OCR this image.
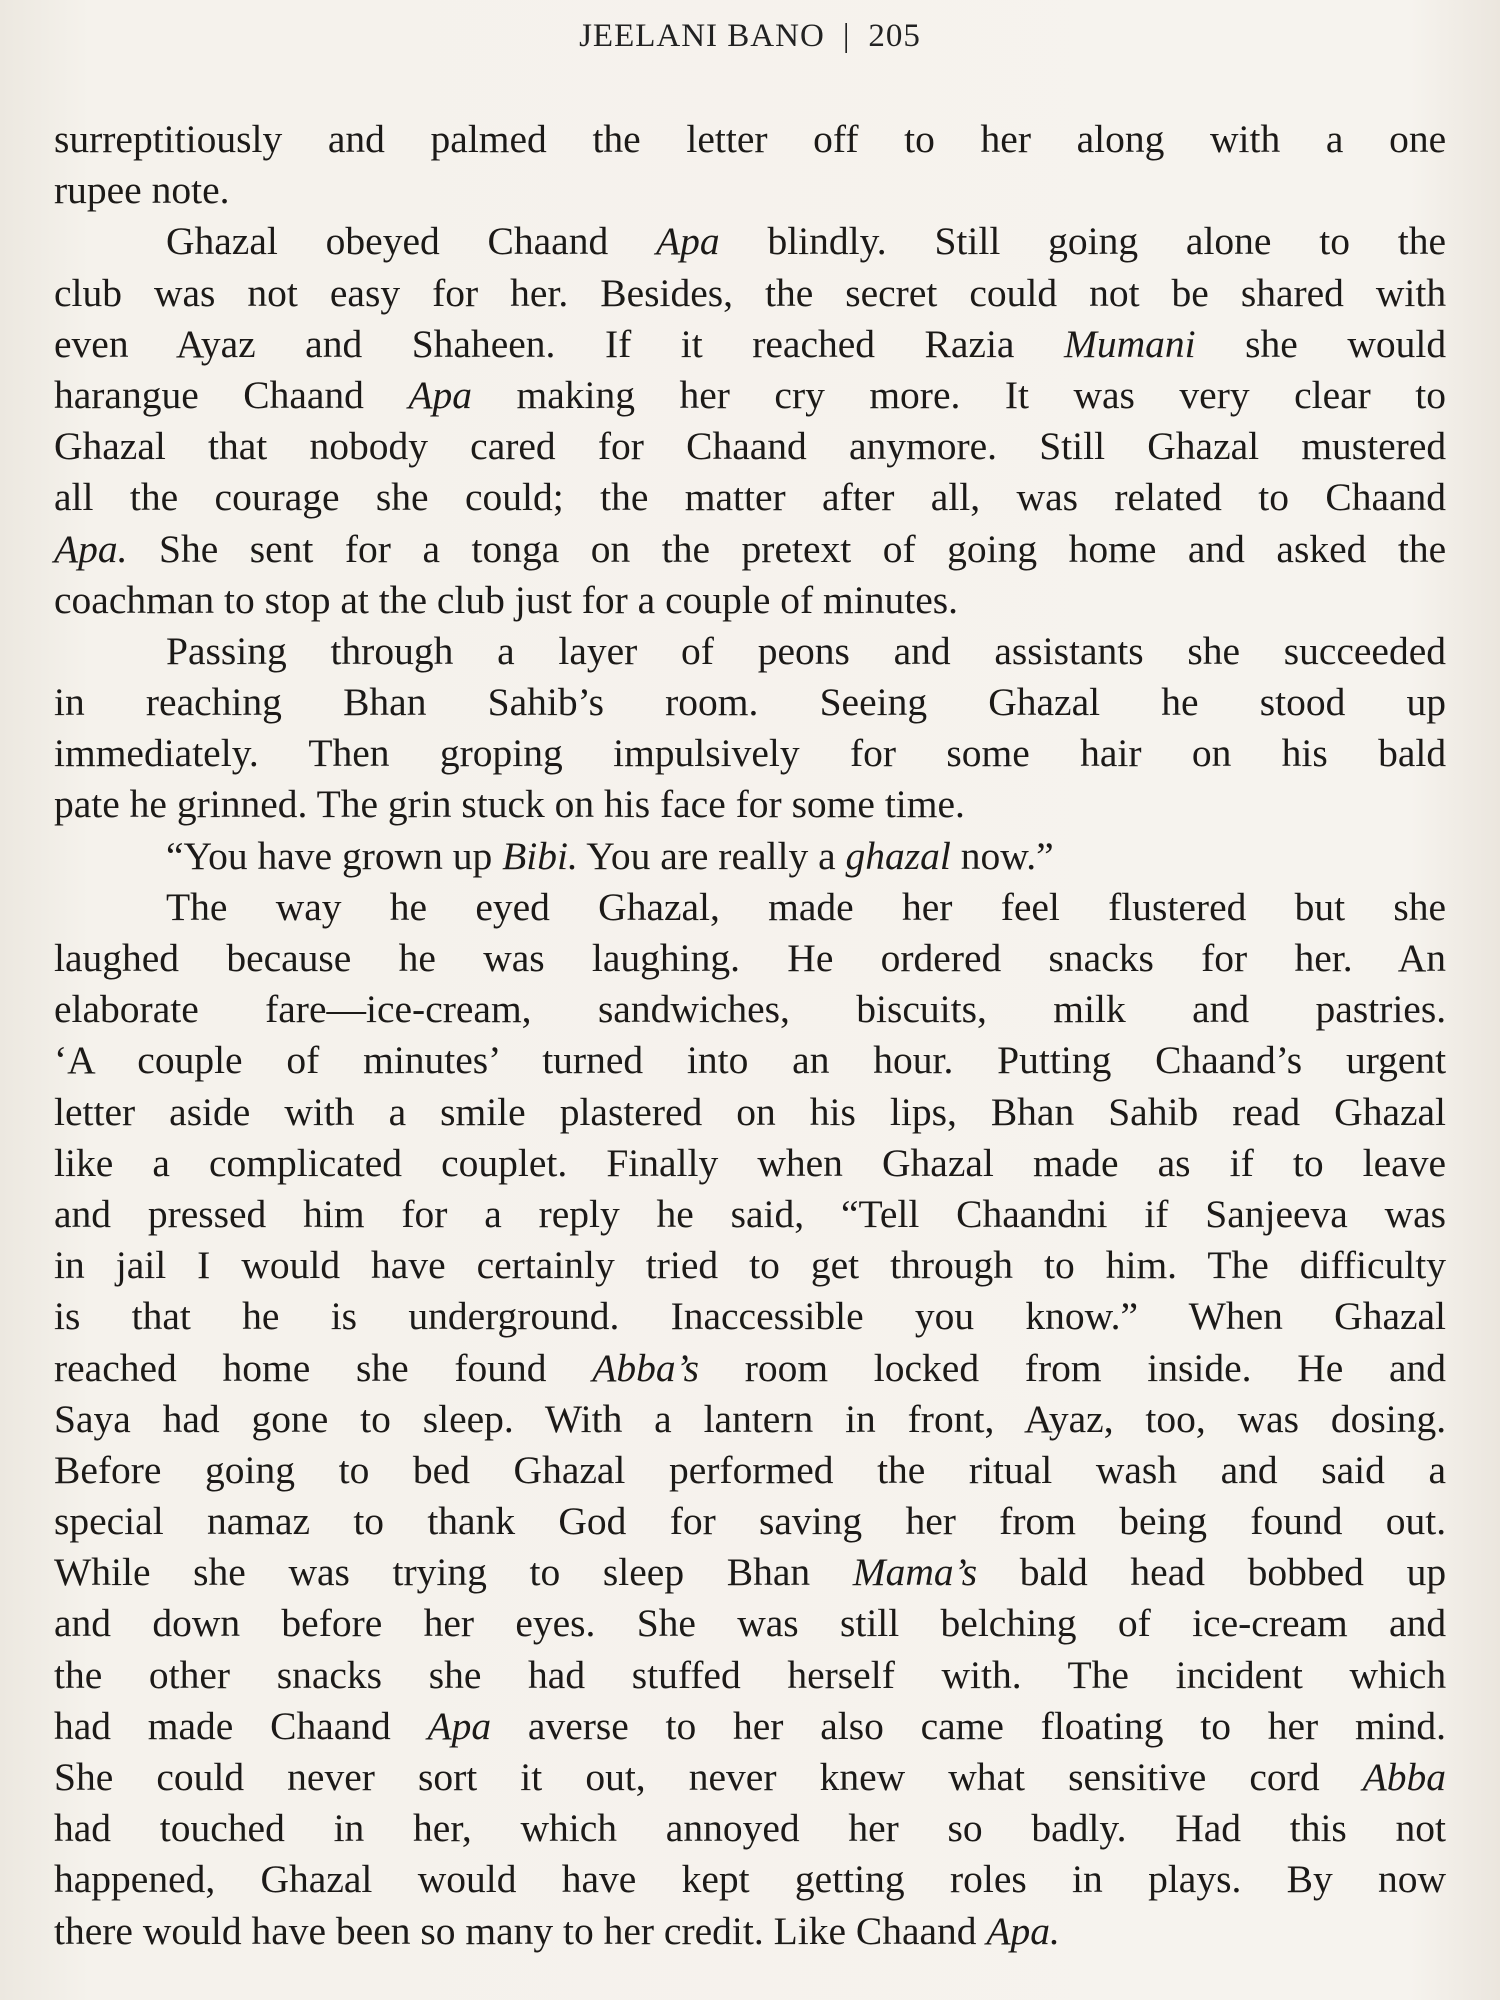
JEELANI BANO | 205
surreptitiously and palmed the letter off to her along with a one
rupee note.
Ghazal obeyed Chaand Apa blindly. Still going alone to the
club was not easy for her. Besides, the secret could not be shared with
even Ayaz and Shaheen. If it reached Razia Mumani she would
harangue Chaand Apa making her cry more. It was very clear to
Ghazal that nobody cared for Chaand anymore. Still Ghazal mustered
all the courage she could; the matter after all, was related to Chaand
Apa. She sent for a tonga on the pretext of going home and asked the
coachman to stop at the club just for a couple of minutes.
Passing through a layer of peons and assistants she succeeded
in reaching Bhan Sahib’s room. Seeing Ghazal he stood up
immediately. Then groping impulsively for some hair on his bald
pate he grinned. The grin stuck on his face for some time.
“You have grown up Bibi. You are really a ghazal now.”
The way he eyed Ghazal, made her feel flustered but she
laughed because he was laughing. He ordered snacks for her. An
elaborate fare—ice-cream, sandwiches, biscuits, milk and pastries.
‘A couple of minutes’ turned into an hour. Putting Chaand’s urgent
letter aside with a smile plastered on his lips, Bhan Sahib read Ghazal
like a complicated couplet. Finally when Ghazal made as if to leave
and pressed him for a reply he said, “Tell Chaandni if Sanjeeva was
in jail I would have certainly tried to get through to him. The difficulty
is that he is underground. Inaccessible you know.” When Ghazal
reached home she found Abba’s room locked from inside. He and
Saya had gone to sleep. With a lantern in front, Ayaz, too, was dosing.
Before going to bed Ghazal performed the ritual wash and said a
special namaz to thank God for saving her from being found out.
While she was trying to sleep Bhan Mama’s bald head bobbed up
and down before her eyes. She was still belching of ice-cream and
the other snacks she had stuffed herself with. The incident which
had made Chaand Apa averse to her also came floating to her mind.
She could never sort it out, never knew what sensitive cord Abba
had touched in her, which annoyed her so badly. Had this not
happened, Ghazal would have kept getting roles in plays. By now
there would have been so many to her credit. Like Chaand Apa.
